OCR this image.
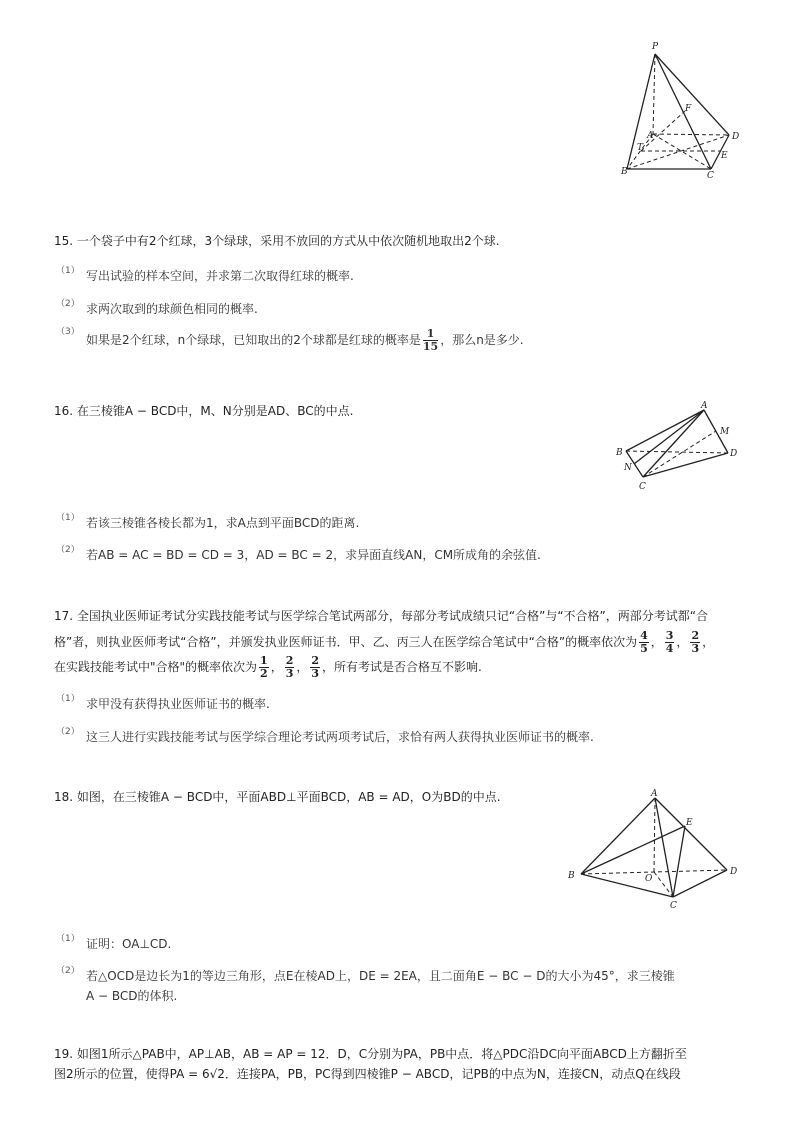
P
A
B	C
D
E
F
T
15. 一个袋子中有2个红球，3个绿球，采用不放回的方式从中依次随机地取出2个球.
（1） 写出试验的样本空间，并求第二次取得红球的概率.
（2） 求两次取到的球颜色相同的概率.
（3）
如果是2个红球，n个绿球，已知取出的2个球都是红球的概率是 $\frac{1}{15}$ ，那么n是多少.
16. 在三棱锥A − BCD中，M、N分别是AD、BC的中点.	A
B
C
D
M
N
（1） 若该三棱锥各棱长都为1，求A点到平面BCD的距离.
（2） 若AB = AC = BD = CD = 3，AD = BC = 2，求异面直线AN，CM所成角的余弦值.
17. 全国执业医师证考试分实践技能考试与医学综合笔试两部分，每部分考试成绩只记“合格”与“不合格”，两部分考试都“合
格”者，则执业医师考试“合格”，并颁发执业医师证书．甲、乙、丙三人在医学综合笔试中“合格”的概率依次为 $\frac{4}{5}$ ， $\frac{3}{4}$ ， $\frac{2}{3}$ ，
在实践技能考试中"合格"的概率依次为 $\frac{1}{2}$ ， $\frac{2}{3}$ ， $\frac{2}{3}$ ，所有考试是否合格互不影响.
（1） 求甲没有获得执业医师证书的概率.
（2） 这三人进行实践技能考试与医学综合理论考试两项考试后，求恰有两人获得执业医师证书的概率.
18. 如图，在三棱锥A − BCD中，平面ABD⊥平面BCD，AB = AD，O为BD的中点.	A
B
C
D
E
O
（1） 证明：OA⊥CD.
（2） 若△OCD是边长为1的等边三角形，点E在棱AD上，DE = 2EA，且二面角E − BC − D的大小为45°，求三棱锥
A − BCD的体积.
19. 如图1所示△PAB中，AP⊥AB，AB = AP = 12．D，C分别为PA，PB中点．将△PDC沿DC向平面ABCD上方翻折至
图2所示的位置，使得PA = 6√2．连接PA，PB，PC得到四棱锥P − ABCD，记PB的中点为N，连接CN，动点Q在线段
